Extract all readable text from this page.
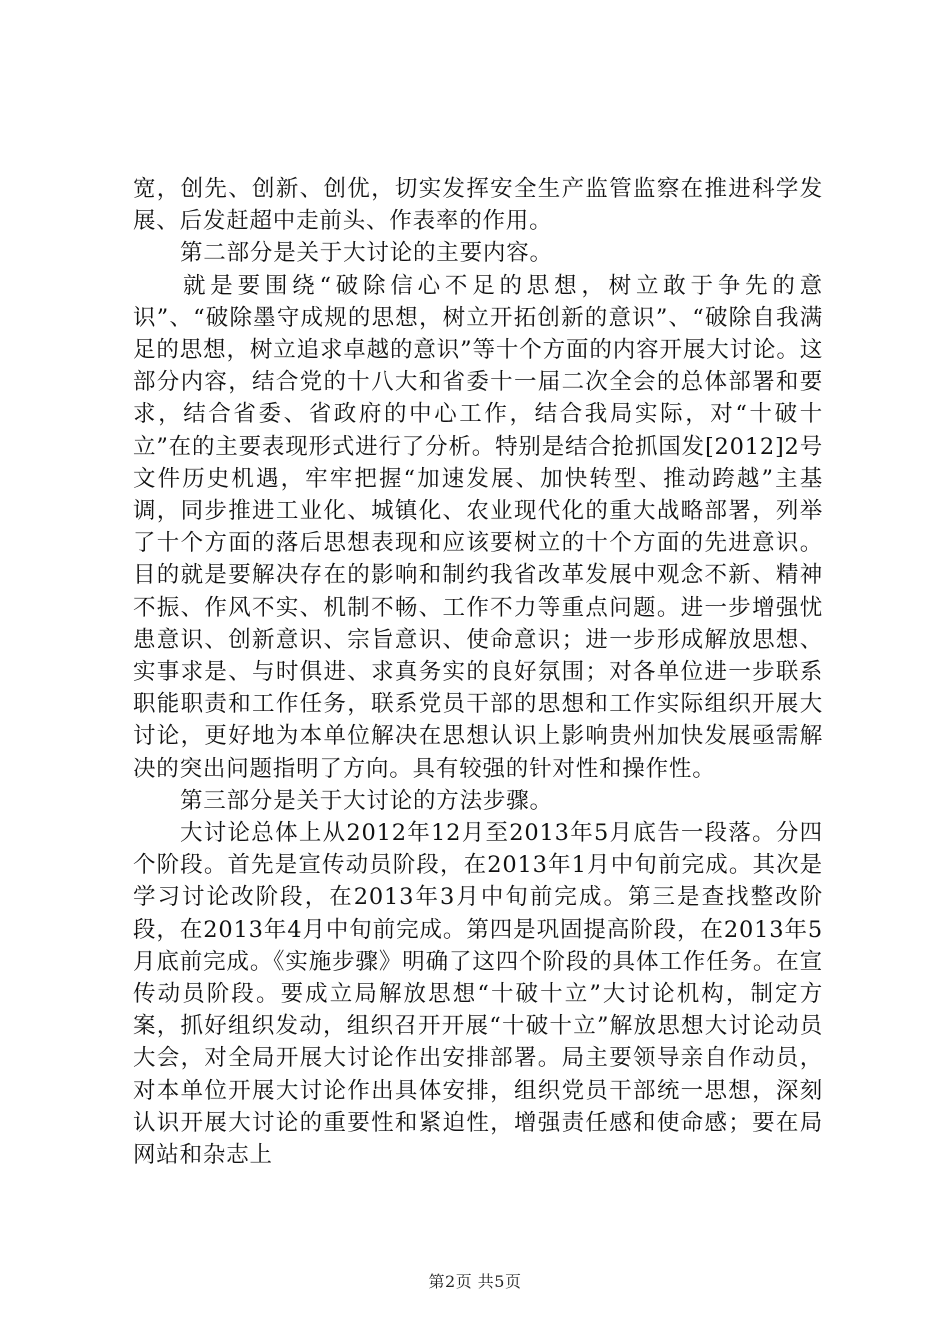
宽，创先、创新、创优，切实发挥安全生产监管监察在推进科学发展、后发赶超中走前头、作表率的作用。

第二部分是关于大讨论的主要内容。

就是要围绕“破除信心不足的思想，树立敢于争先的意识”、“破除墨守成规的思想，树立开拓创新的意识”、“破除自我满足的思想，树立追求卓越的意识”等十个方面的内容开展大讨论。这部分内容，结合党的十八大和省委十一届二次全会的总体部署和要求，结合省委、省政府的中心工作，结合我局实际，对“十破十立”在的主要表现形式进行了分析。特别是结合抢抓国发[2012]2号文件历史机遇，牢牢把握“加速发展、加快转型、推动跨越”主基调，同步推进工业化、城镇化、农业现代化的重大战略部署，列举了十个方面的落后思想表现和应该要树立的十个方面的先进意识。目的就是要解决存在的影响和制约我省改革发展中观念不新、精神不振、作风不实、机制不畅、工作不力等重点问题。进一步增强忧患意识、创新意识、宗旨意识、使命意识；进一步形成解放思想、实事求是、与时俱进、求真务实的良好氛围；对各单位进一步联系职能职责和工作任务，联系党员干部的思想和工作实际组织开展大讨论，更好地为本单位解决在思想认识上影响贵州加快发展亟需解决的突出问题指明了方向。具有较强的针对性和操作性。

第三部分是关于大讨论的方法步骤。

大讨论总体上从2012年12月至2013年5月底告一段落。分四个阶段。首先是宣传动员阶段，在2013年1月中旬前完成。其次是学习讨论改阶段，在2013年3月中旬前完成。第三是查找整改阶段，在2013年4月中旬前完成。第四是巩固提高阶段，在2013年5月底前完成。《实施步骤》明确了这四个阶段的具体工作任务。在宣传动员阶段。要成立局解放思想“十破十立”大讨论机构，制定方案，抓好组织发动，组织召开开展“十破十立”解放思想大讨论动员大会，对全局开展大讨论作出安排部署。局主要领导亲自作动员，对本单位开展大讨论作出具体安排，组织党员干部统一思想，深刻认识开展大讨论的重要性和紧迫性，增强责任感和使命感；要在局网站和杂志上

第2页 共5页
